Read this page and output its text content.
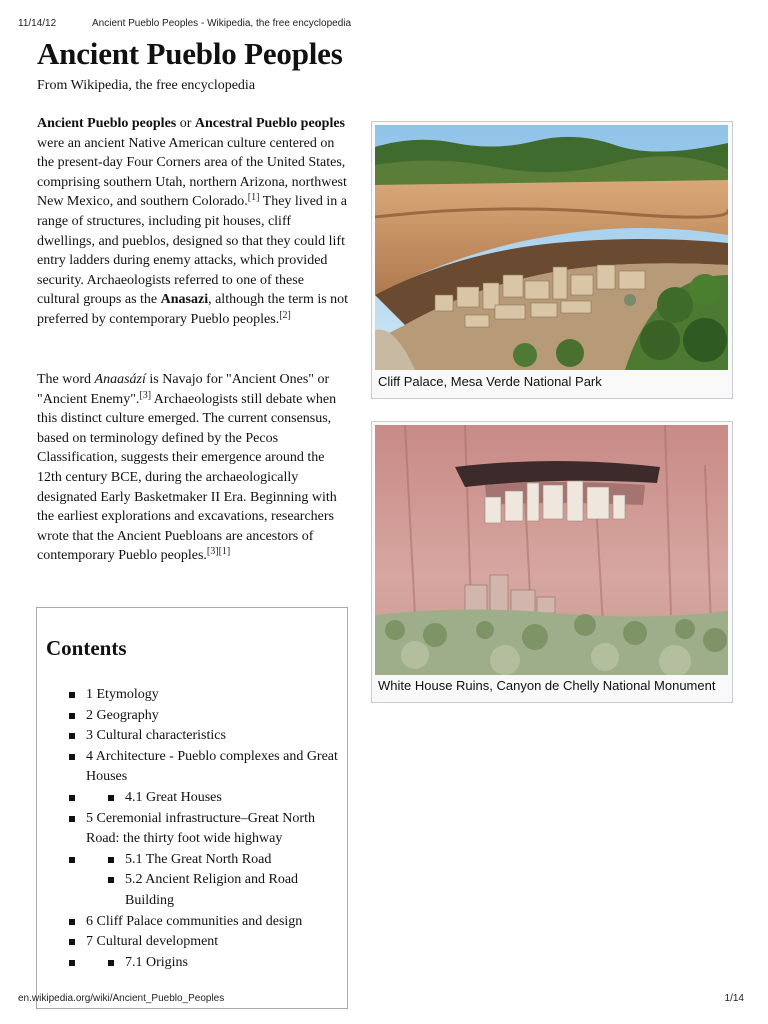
11/14/12	Ancient Pueblo Peoples - Wikipedia, the free encyclopedia
Ancient Pueblo Peoples
From Wikipedia, the free encyclopedia

Ancient Pueblo peoples or Ancestral Pueblo peoples were an ancient Native American culture centered on the present-day Four Corners area of the United States, comprising southern Utah, northern Arizona, northwest New Mexico, and southern Colorado.[1] They lived in a range of structures, including pit houses, cliff dwellings, and pueblos, designed so that they could lift entry ladders during enemy attacks, which provided security. Archaeologists referred to one of these cultural groups as the Anasazi, although the term is not preferred by contemporary Pueblo peoples.[2]

The word Anaasází is Navajo for "Ancient Ones" or "Ancient Enemy".[3] Archaeologists still debate when this distinct culture emerged. The current consensus, based on terminology defined by the Pecos Classification, suggests their emergence around the 12th century BCE, during the archaeologically designated Early Basketmaker II Era. Beginning with the earliest explorations and excavations, researchers wrote that the Ancient Puebloans are ancestors of contemporary Pueblo peoples.[3][1]

Contents
1 Etymology
2 Geography
3 Cultural characteristics
4 Architecture - Pueblo complexes and Great Houses
4.1 Great Houses
5 Ceremonial infrastructure–Great North Road: the thirty foot wide highway
5.1 The Great North Road
5.2 Ancient Religion and Road Building
6 Cliff Palace communities and design
7 Cultural development
7.1 Origins
Cliff Palace, Mesa Verde National Park
White House Ruins, Canyon de Chelly National Monument
en.wikipedia.org/wiki/Ancient_Pueblo_Peoples	1/14
